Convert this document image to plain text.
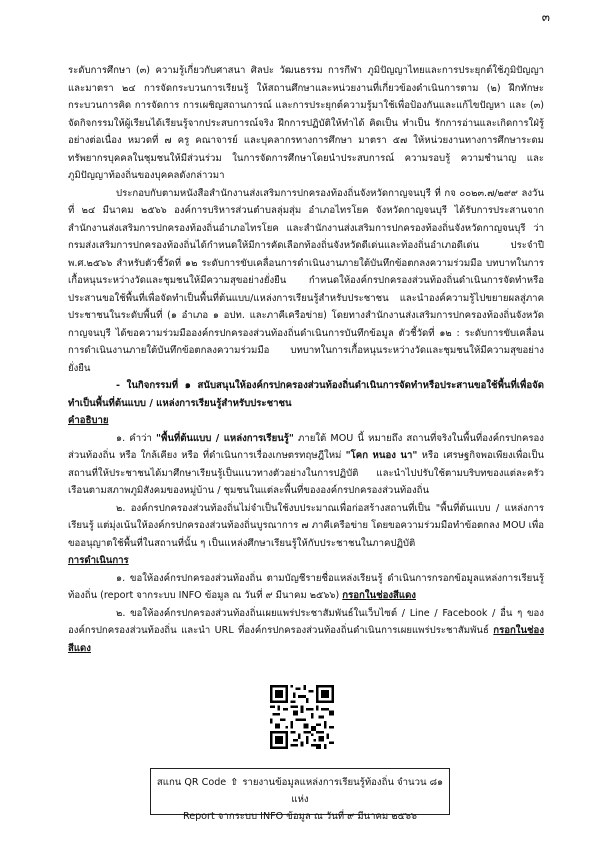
๓

ระดับการศึกษา (๓) ความรู้เกี่ยวกับศาสนา ศิลปะ วัฒนธรรม การกีฬา ภูมิปัญญาไทยและการประยุกต์ใช้ภูมิปัญญา และมาตรา ๒๔ การจัดกระบวนการเรียนรู้ ให้สถานศึกษาและหน่วยงานที่เกี่ยวข้องดำเนินการตาม (๒) ฝึกทักษะ กระบวนการคิด การจัดการ การเผชิญสถานการณ์ และการประยุกต์ความรู้มาใช้เพื่อป้องกันและแก้ไขปัญหา และ (๓) จัดกิจกรรมให้ผู้เรียนได้เรียนรู้จากประสบการณ์จริง ฝึกการปฏิบัติให้ทำได้ คิดเป็น ทำเป็น รักการอ่านและเกิดการใฝ่รู้อย่างต่อเนื่อง หมวดที่ ๗ ครู คณาจารย์ และบุคลากรทางการศึกษา มาตรา ๕๗ ให้หน่วยงานทางการศึกษาระดมทรัพยากรบุคคลในชุมชนให้มีส่วนร่วม ในการจัดการศึกษาโดยนำประสบการณ์ ความรอบรู้ ความชำนาญ และภูมิปัญญาท้องถิ่นของบุคคลดังกล่าวมา

ประกอบกับตามหนังสือสำนักงานส่งเสริมการปกครองท้องถิ่นจังหวัดกาญจนบุรี ที่ กจ ๐๐๒๓.๗/๒๙๙ ลงวันที่ ๒๔ มีนาคม ๒๕๖๖ องค์การบริหารส่วนตำบลลุ่มสุ่ม อำเภอไทรโยค จังหวัดกาญจนบุรี ได้รับการประสานจากสำนักงานส่งเสริมการปกครองท้องถิ่นอำเภอไทรโยค และสำนักงานส่งเสริมการปกครองท้องถิ่นจังหวัดกาญจนบุรี ว่า กรมส่งเสริมการปกครองท้องถิ่นได้กำหนดให้มีการคัดเลือกท้องถิ่นจังหวัดดีเด่นและท้องถิ่นอำเภอดีเด่น ประจำปี พ.ศ.๒๕๖๖ สำหรับตัวชี้วัดที่ ๑๒ ระดับการขับเคลื่อนการดำเนินงานภายใต้บันทึกข้อตกลงความร่วมมือ บทบาทในการเกื้อหนุนระหว่างวัดและชุมชนให้มีความสุขอย่างยั่งยืน กำหนดให้องค์กรปกครองส่วนท้องถิ่นดำเนินการจัดทำหรือประสานขอใช้พื้นที่เพื่อจัดทำเป็นพื้นที่ต้นแบบ/แหล่งการเรียนรู้สำหรับประชาชน และนำองค์ความรู้ไปขยายผลสู่ภาคประชาชนในระดับพื้นที่ (๑ อำเภอ ๑ อปท. และภาคีเครือข่าย) โดยทางสำนักงานส่งเสริมการปกครองท้องถิ่นจังหวัดกาญจนบุรี ได้ขอความร่วมมือองค์กรปกครองส่วนท้องถิ่นดำเนินการบันทึกข้อมูล ตัวชี้วัดที่ ๑๒ : ระดับการขับเคลื่อนการดำเนินงานภายใต้บันทึกข้อตกลงความร่วมมือ บทบาทในการเกื้อหนุนระหว่างวัดและชุมชนให้มีความสุขอย่างยั่งยืน

- ในกิจกรรมที่ ๑ สนับสนุนให้องค์กรปกครองส่วนท้องถิ่นดำเนินการจัดทำหรือประสานขอใช้พื้นที่เพื่อจัดทำเป็นพื้นที่ต้นแบบ / แหล่งการเรียนรู้สำหรับประชาชน

คำอธิบาย

๑. คำว่า "พื้นที่ต้นแบบ / แหล่งการเรียนรู้" ภายใต้ MOU นี้ หมายถึง สถานที่จริงในพื้นที่องค์กรปกครองส่วนท้องถิ่น หรือ ใกล้เคียง หรือ ที่ดำเนินการเรื่องเกษตรทฤษฎีใหม่ "โคก หนอง นา" หรือ เศรษฐกิจพอเพียงเพื่อเป็นสถานที่ให้ประชาชนได้มาศึกษาเรียนรู้เป็นแนวทางตัวอย่างในการปฏิบัติ และนำไปปรับใช้ตามบริบทของแต่ละครัวเรือนตามสภาพภูมิสังคมของหมู่บ้าน / ชุมชนในแต่ละพื้นที่ขององค์กรปกครองส่วนท้องถิ่น

๒. องค์กรปกครองส่วนท้องถิ่นไม่จำเป็นใช้งบประมาณเพื่อก่อสร้างสถานที่เป็น "พื้นที่ต้นแบบ / แหล่งการเรียนรู้ แต่มุ่งเน้นให้องค์กรปกครองส่วนท้องถิ่นบูรณาการ ๗ ภาคีเครือข่าย โดยขอความร่วมมือทำข้อตกลง MOU เพื่อขออนุญาตใช้พื้นที่ในสถานที่นั้น ๆ เป็นแหล่งศึกษาเรียนรู้ให้กับประชาชนในภาคปฏิบัติ

การดำเนินการ

๑. ขอให้องค์กรปกครองส่วนท้องถิ่น ตามบัญชีรายชื่อแหล่งเรียนรู้ ดำเนินการกรอกข้อมูลแหล่งการเรียนรู้ท้องถิ่น (report จากระบบ INFO ข้อมูล ณ วันที่ ๙ มีนาคม ๒๕๖๖) กรอกในช่องสีแดง

๒. ขอให้องค์กรปกครองส่วนท้องถิ่นเผยแพร่ประชาสัมพันธ์ในเว็บไซต์ / Line / Facebook / อื่น ๆ ขององค์กรปกครองส่วนท้องถิ่น และนำ URL ที่องค์กรปกครองส่วนท้องถิ่นดำเนินการเผยแพร่ประชาสัมพันธ์ กรอกในช่องสีแดง

สแกน QR Code ⇧ รายงานข้อมูลแหล่งการเรียนรู้ท้องถิ่น จำนวน ๘๑ แห่ง
Report จากระบบ INFO ข้อมูล ณ วันที่ ๙ มีนาคม ๒๕๖๖
